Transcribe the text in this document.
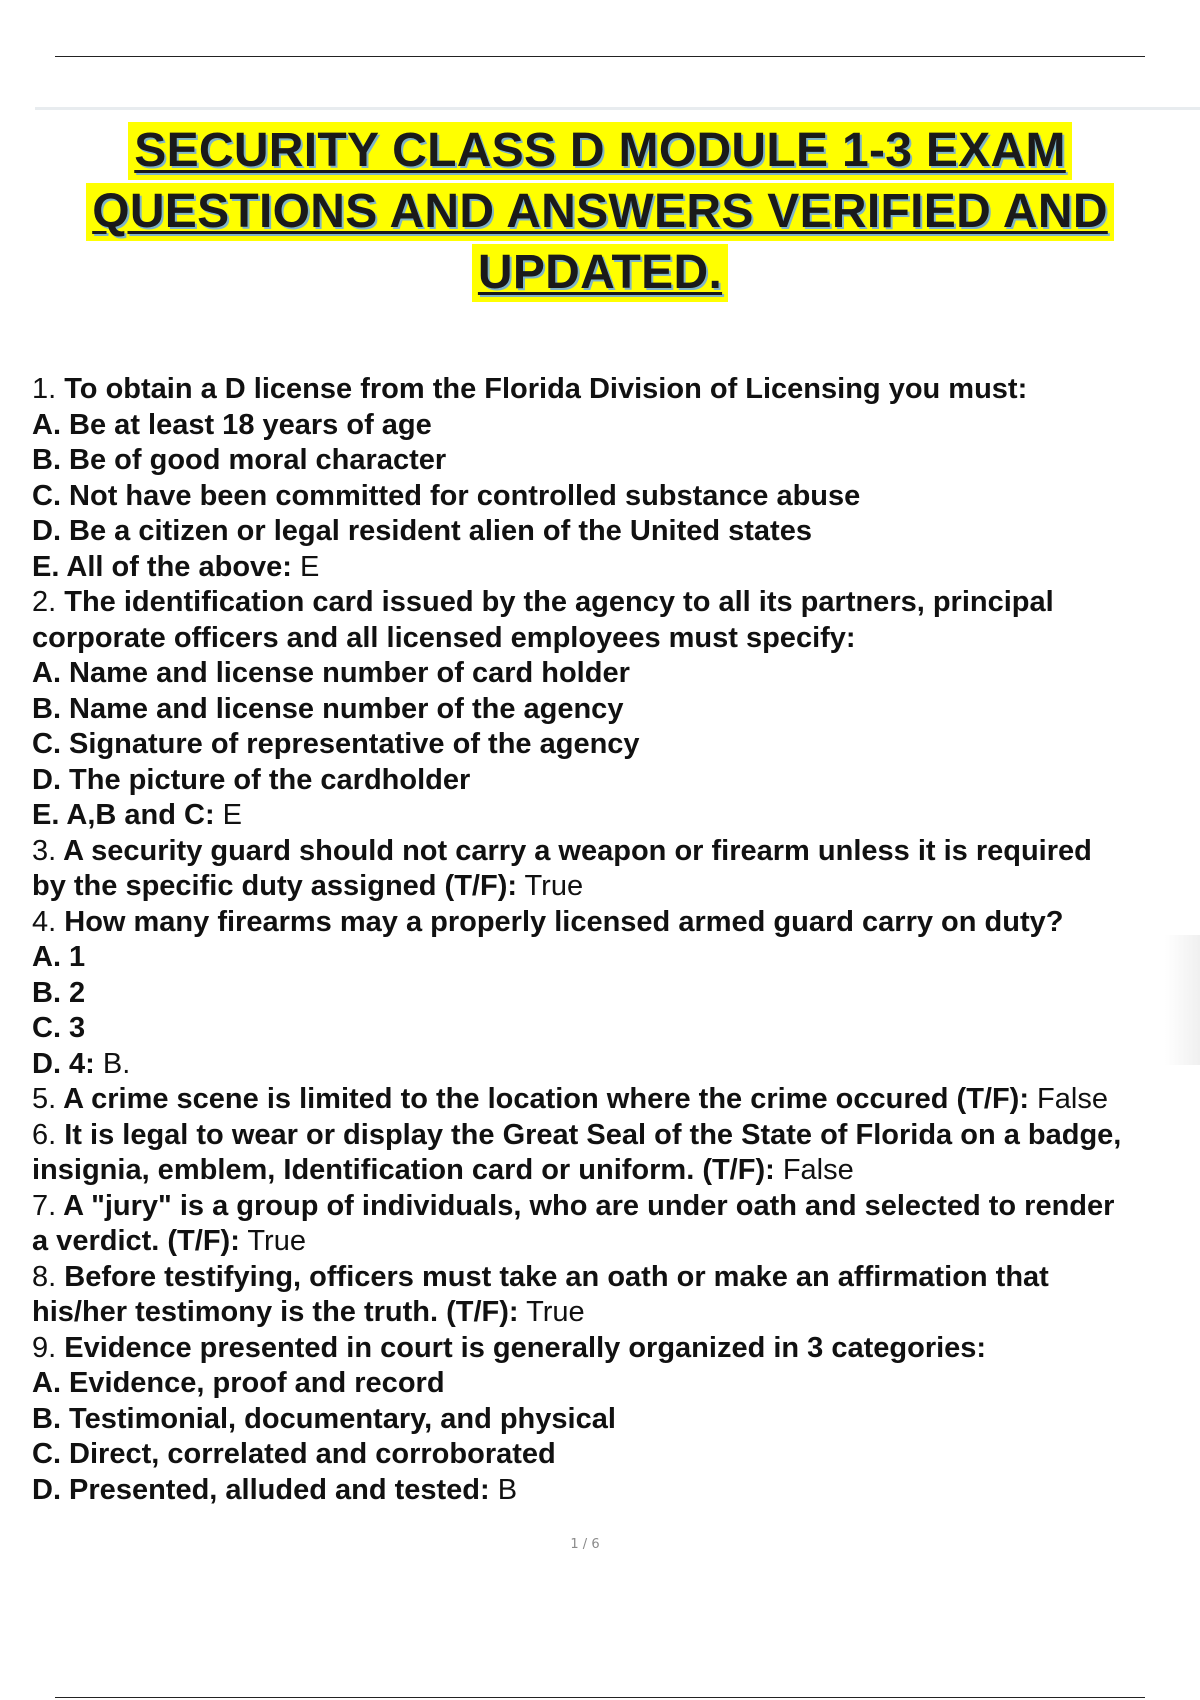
SECURITY CLASS D MODULE 1-3 EXAM
QUESTIONS AND ANSWERS VERIFIED AND
UPDATED.
1. To obtain a D license from the Florida Division of Licensing you must:
A. Be at least 18 years of age
B. Be of good moral character
C. Not have been committed for controlled substance abuse
D. Be a citizen or legal resident alien of the United states
E. All of the above: E
2. The identification card issued by the agency to all its partners, principal
corporate officers and all licensed employees must specify:
A. Name and license number of card holder
B. Name and license number of the agency
C. Signature of representative of the agency
D. The picture of the cardholder
E. A,B and C: E
3. A security guard should not carry a weapon or firearm unless it is required
by the specific duty assigned (T/F): True
4. How many firearms may a properly licensed armed guard carry on duty?
A. 1
B. 2
C. 3
D. 4: B.
5. A crime scene is limited to the location where the crime occured (T/F): False
6. It is legal to wear or display the Great Seal of the State of Florida on a badge,
insignia, emblem, Identification card or uniform. (T/F): False
7. A "jury" is a group of individuals, who are under oath and selected to render
a verdict. (T/F): True
8. Before testifying, officers must take an oath or make an affirmation that
his/her testimony is the truth. (T/F): True
9. Evidence presented in court is generally organized in 3 categories:
A. Evidence, proof and record
B. Testimonial, documentary, and physical
C. Direct, correlated and corroborated
D. Presented, alluded and tested: B
1 / 6
